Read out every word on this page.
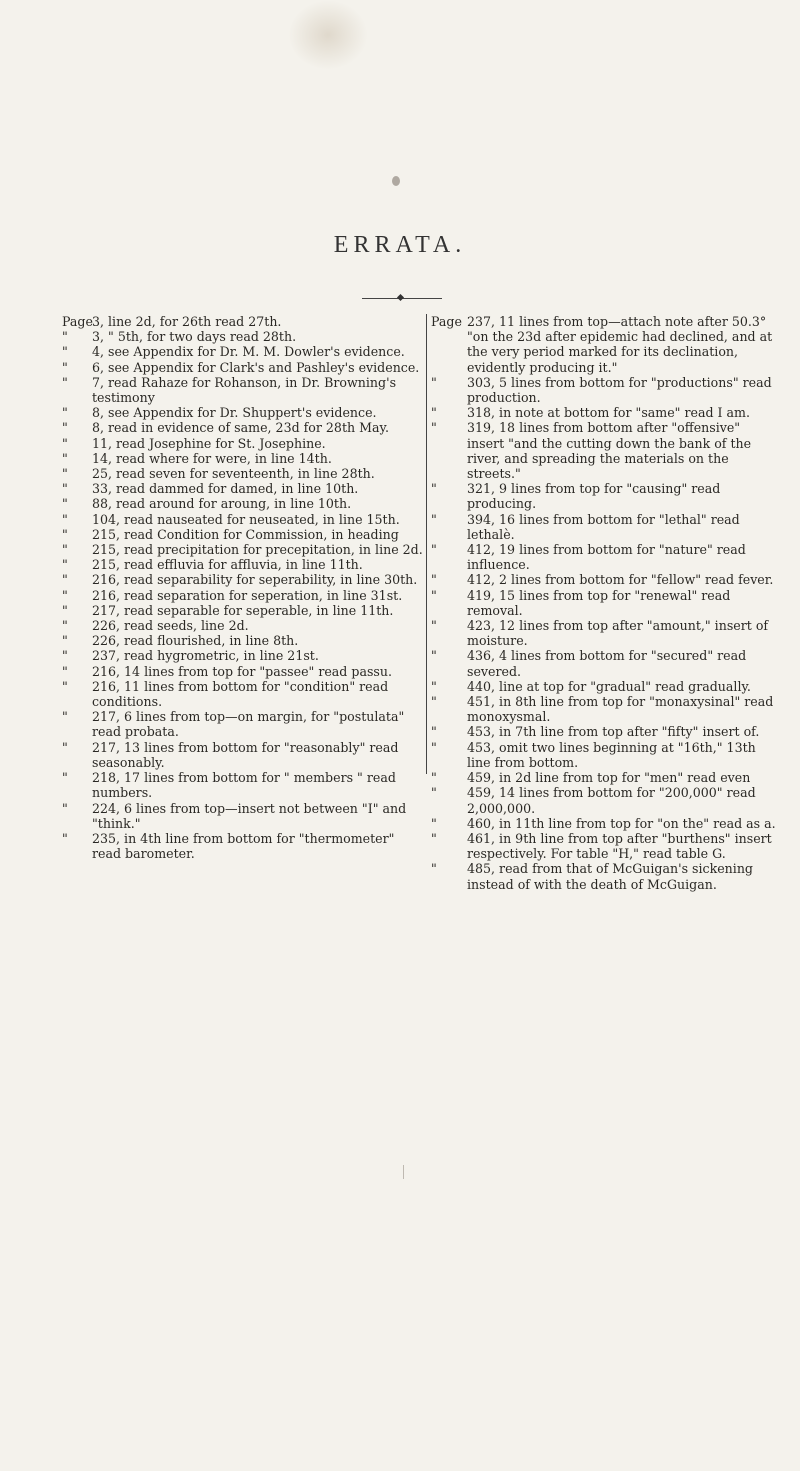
ERRATA.
Page 3, line 2d, for 26th read 27th.
"	3, " 5th, for two days read 28th.
"	4, see Appendix for Dr. M. M. Dowler's evidence.
"	6, see Appendix for Clark's and Pashley's evidence.
"	7, read Rahaze for Rohanson, in Dr. Browning's testimony
"	8, see Appendix for Dr. Shuppert's evidence.
"	8, read in evidence of same, 23d for 28th May.
"	11, read Josephine for St. Josephine.
"	14, read where for were, in line 14th.
"	25, read seven for seventeenth, in line 28th.
"	33, read dammed for damed, in line 10th.
"	88, read around for aroung, in line 10th.
"	104, read nauseated for neuseated, in line 15th.
"	215, read Condition for Commission, in heading
"	215, read precipitation for precepitation, in line 2d.
"	215, read effluvia for affluvia, in line 11th.
"	216, read separability for seperability, in line 30th.
"	216, read separation for seperation, in line 31st.
"	217, read separable for seperable, in line 11th.
"	226, read seeds, line 2d.
"	226, read flourished, in line 8th.
"	237, read hygrometric, in line 21st.
"	216, 14 lines from top for "passee" read passu.
"	216, 11 lines from bottom for "condition" read conditions.
"	217, 6 lines from top—on margin, for "postulata" read probata.
"	217, 13 lines from bottom for "reasonably" read seasonably.
"	218, 17 lines from bottom for " members " read numbers.
"	224, 6 lines from top—insert not between "I" and "think."
"	235, in 4th line from bottom for "thermometer" read barometer.
Page 237, 11 lines from top—attach note after 50.3° "on the 23d after epidemic had declined, and at the very period marked for its declination, evidently producing it."
"	303, 5 lines from bottom for "productions" read production.
"	318, in note at bottom for "same" read I am.
"	319, 18 lines from bottom after "offensive" insert "and the cutting down the bank of the river, and spreading the materials on the streets."
"	321, 9 lines from top for "causing" read producing.
"	394, 16 lines from bottom for "lethal" read lethalè.
"	412, 19 lines from bottom for "nature" read influence.
"	412, 2 lines from bottom for "fellow" read fever.
"	419, 15 lines from top for "renewal" read removal.
"	423, 12 lines from top after "amount," insert of moisture.
"	436, 4 lines from bottom for "secured" read severed.
"	440, line at top for "gradual" read gradually.
"	451, in 8th line from top for "monaxysinal" read monoxysmal.
"	453, in 7th line from top after "fifty" insert of.
"	453, omit two lines beginning at "16th," 13th line from bottom.
"	459, in 2d line from top for "men" read even
"	459, 14 lines from bottom for "200,000" read 2,000,000.
"	460, in 11th line from top for "on the" read as a.
"	461, in 9th line from top after "burthens" insert respectively. For table "H," read table G.
"	485, read from that of McGuigan's sickening instead of with the death of McGuigan.
